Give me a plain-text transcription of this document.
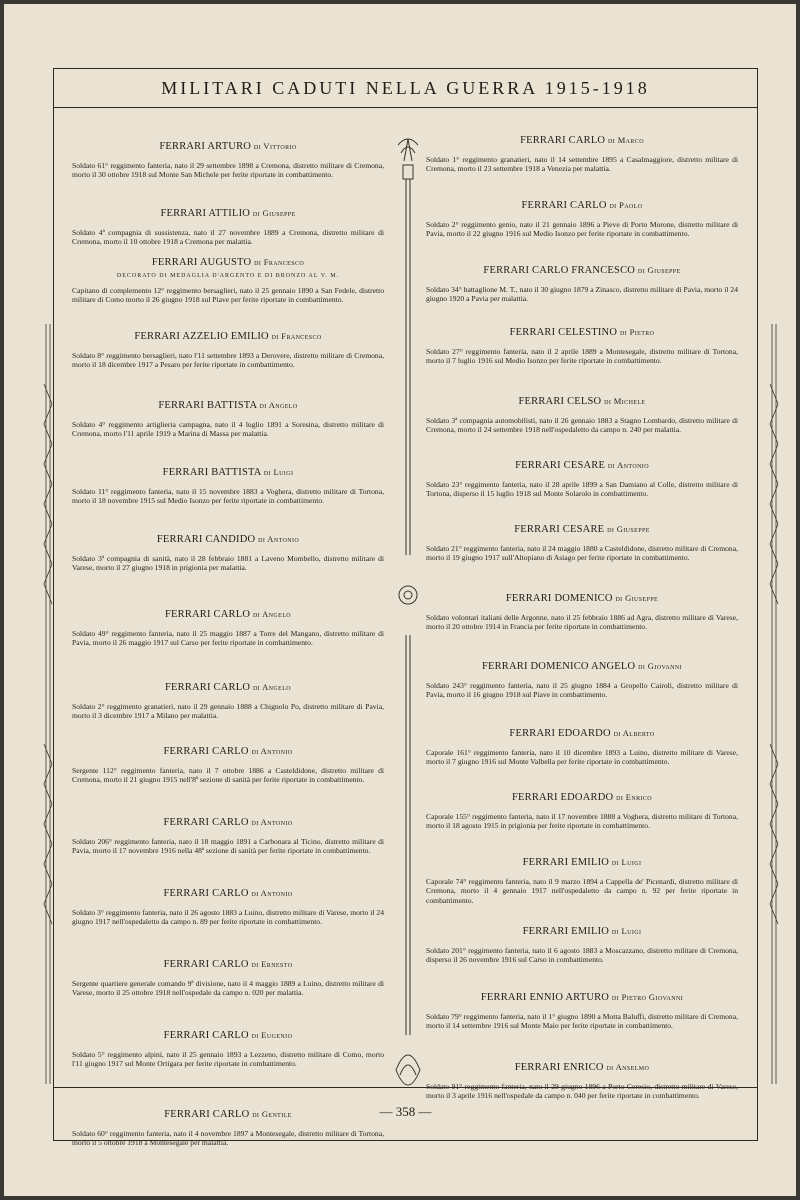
MILITARI CADUTI NELLA GUERRA 1915-1918
FERRARI ARTURO di Vittorio

Soldato 61° reggimento fanteria, nato il 29 settembre 1898 a Cremona, distretto militare di Cremona, morto il 30 ottobre 1918 sul Monte San Michele per ferite riportate in combattimento.

FERRARI ATTILIO di Giuseppe

Soldato 4ª compagnia di sussistenza, nato il 27 novembre 1889 a Cremona, distretto militare di Cremona, morto il 10 ottobre 1918 a Cremona per malattia.

FERRARI AUGUSTO di Francesco
DECORATO DI MEDAGLIA D'ARGENTO E DI BRONZO AL V. M.

Capitano di complemento 12° reggimento bersaglieri, nato il 25 gennaio 1890 a San Fedele, distretto militare di Como morto il 26 giugno 1918 sul Piave per ferite riportate in combattimento.

FERRARI AZZELIO EMILIO di Francesco

Soldato 8° reggimento bersaglieri, nato l'11 settembre 1893 a Derovere, distretto militare di Cremona, morto il 18 dicembre 1917 a Pesaro per ferite riportate in combattimento.

FERRARI BATTISTA di Angelo

Soldato 4° reggimento artiglieria campagna, nato il 4 luglio 1891 a Soresina, distretto militare di Cremona, morto l'11 aprile 1919 a Marina di Massa per malattia.

FERRARI BATTISTA di Luigi

Soldato 11° reggimento fanteria, nato il 15 novembre 1883 a Voghera, distretto militare di Tortona, morto il 18 novembre 1915 sul Medio Isonzo per ferite riportate in combattimento.

FERRARI CANDIDO di Antonio

Soldato 3ª compagnia di sanità, nato il 28 febbraio 1881 a Laveno Mombello, distretto militare di Varese, morto il 27 giugno 1918 in prigionia per malattia.

FERRARI CARLO di Angelo

Soldato 49° reggimento fanteria, nato il 25 maggio 1887 a Torre del Mangano, distretto militare di Pavia, morto il 26 maggio 1917 sul Carso per ferite riportate in combattimento.

FERRARI CARLO di Angelo

Soldato 2° reggimento granatieri, nato il 29 gennaio 1888 a Chignolo Po, distretto militare di Pavia, morto il 3 dicembre 1917 a Milano per malattia.

FERRARI CARLO di Antonio

Sergente 112° reggimento fanteria, nato il 7 ottobre 1886 a Casteldidone, distretto militare di Cremona, morto il 21 giugno 1915 nell'8ª sezione di sanità per ferite riportate in combattimento.

FERRARI CARLO di Antonio

Soldato 206° reggimento fanteria, nato il 18 maggio 1891 a Carbonara al Ticino, distretto militare di Pavia, morto il 17 novembre 1916 nella 48ª sezione di sanità per ferite riportate in combattimento.

FERRARI CARLO di Antonio

Soldato 3° reggimento fanteria, nato il 26 agosto 1883 a Luino, distretto militare di Varese, morto il 24 giugno 1917 nell'ospedaletto da campo n. 89 per ferite riportate in combattimento.

FERRARI CARLO di Ernesto

Sergente quartiere generale comando 9ª divisione, nato il 4 maggio 1889 a Luino, distretto militare di Varese, morto il 25 ottobre 1918 nell'ospedale da campo n. 020 per malattia.

FERRARI CARLO di Eugenio

Soldato 5° reggimento alpini, nato il 25 gennaio 1893 a Lezzeno, distretto militare di Como, morto l'11 giugno 1917 sul Monte Ortigara per ferite riportate in combattimento.

FERRARI CARLO di Gentile

Soldato 60° reggimento fanteria, nato il 4 novembre 1897 a Montesegale, distretto militare di Tortona, morto il 5 ottobre 1918 a Montesegale per malattia.

FERRARI CARLO di Marco

Soldato 1° reggimento granatieri, nato il 14 settembre 1895 a Casalmaggiore, distretto militare di Cremona, morto il 23 settembre 1918 a Venezia per malattia.

FERRARI CARLO di Paolo

Soldato 2° reggimento genio, nato il 21 gennaio 1896 a Pieve di Porto Morone, distretto militare di Pavia, morto il 22 giugno 1916 sul Medio Isonzo per ferite riportate in combattimento.

FERRARI CARLO FRANCESCO di Giuseppe

Soldato 34° battaglione M. T., nato il 30 giugno 1879 a Zinasco, distretto militare di Pavia, morto il 24 giugno 1920 a Pavia per malattia.

FERRARI CELESTINO di Pietro

Soldato 27° reggimento fanteria, nato il 2 aprile 1889 a Montesegale, distretto militare di Tortona, morto il 7 luglio 1916 sul Medio Isonzo per ferite riportate in combattimento.

FERRARI CELSO di Michele

Soldato 3ª compagnia automobilisti, nato il 26 gennaio 1883 a Stagno Lombardo, distretto militare di Cremona, morto il 24 settembre 1918 nell'ospedaletto da campo n. 240 per malattia.

FERRARI CESARE di Antonio

Soldato 23° reggimento fanteria, nato il 28 aprile 1899 a San Damiano al Colle, distretto militare di Tortona, disperso il 15 luglio 1918 sul Monte Solarolo in combattimento.

FERRARI CESARE di Giuseppe

Soldato 21° reggimento fanteria, nato il 24 maggio 1880 a Casteldidone, distretto militare di Cremona, morto il 19 giugno 1917 sull'Altopiano di Asiago per ferite riportate in combattimento.

FERRARI DOMENICO di Giuseppe

Soldato volontari italiani delle Argonne, nato il 25 febbraio 1886 ad Agra, distretto militare di Varese, morto il 20 ottobre 1914 in Francia per ferite riportate in combattimento.

FERRARI DOMENICO ANGELO di Giovanni

Soldato 243° reggimento fanteria, nato il 25 giugno 1884 a Gropello Cairoli, distretto militare di Pavia, morto il 16 giugno 1918 sul Piave in combattimento.

FERRARI EDOARDO di Alberto

Caporale 161° reggimento fanteria, nato il 10 dicembre 1893 a Luino, distretto militare di Varese, morto il 7 giugno 1916 sul Monte Valbella per ferite riportate in combattimento.

FERRARI EDOARDO di Enrico

Caporale 155° reggimento fanteria, nato il 17 novembre 1888 a Voghera, distretto militare di Tortona, morto il 18 agosto 1915 in prigionia per ferite riportate in combattimento.

FERRARI EMILIO di Luigi

Caporale 74° reggimento fanteria, nato il 9 marzo 1894 a Cappella de' Picenardi, distretto militare di Cremona, morto il 4 gennaio 1917 nell'ospedaletto da campo n. 92 per ferite riportate in combattimento.

FERRARI EMILIO di Luigi

Soldato 201° reggimento fanteria, nato il 6 agosto 1883 a Moscazzano, distretto militare di Cremona, disperso il 26 novembre 1916 sul Carso in combattimento.

FERRARI ENNIO ARTURO di Pietro Giovanni

Soldato 79° reggimento fanteria, nato il 1° giugno 1890 a Motta Baluffi, distretto militare di Cremona, morto il 14 settembre 1916 sul Monte Maio per ferite riportate in combattimento.

FERRARI ENRICO di Anselmo

Soldato 91° reggimento fanteria, nato il 29 giugno 1896 a Porto Ceresio, distretto militare di Varese, morto il 3 aprile 1916 nell'ospedale da campo n. 040 per ferite riportate in combattimento.

— 358 —
